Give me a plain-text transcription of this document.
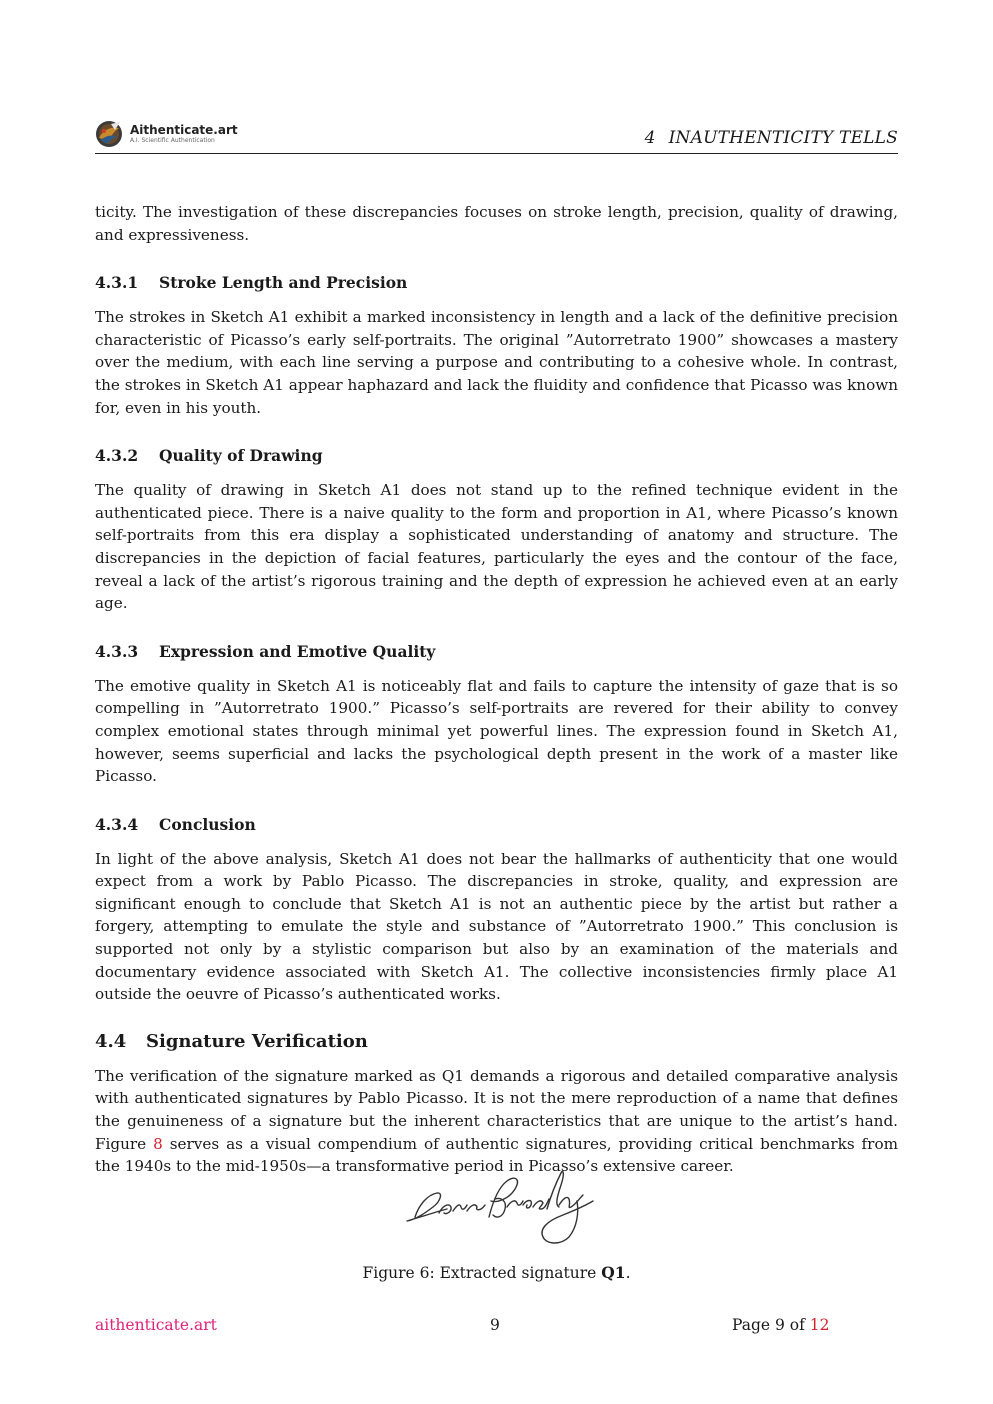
Aithenticate.art
A.I. Scientific Authentication	4 INAUTHENTICITY TELLS

ticity. The investigation of these discrepancies focuses on stroke length, precision, quality of drawing, and expressiveness.

4.3.1 Stroke Length and Precision

The strokes in Sketch A1 exhibit a marked inconsistency in length and a lack of the definitive precision characteristic of Picasso’s early self-portraits. The original ”Autorretrato 1900” showcases a mastery over the medium, with each line serving a purpose and contributing to a cohesive whole. In contrast, the strokes in Sketch A1 appear haphazard and lack the fluidity and confidence that Picasso was known for, even in his youth.

4.3.2 Quality of Drawing

The quality of drawing in Sketch A1 does not stand up to the refined technique evident in the authenticated piece. There is a naive quality to the form and proportion in A1, where Picasso’s known self-portraits from this era display a sophisticated understanding of anatomy and structure. The discrepancies in the depiction of facial features, particularly the eyes and the contour of the face, reveal a lack of the artist’s rigorous training and the depth of expression he achieved even at an early age.

4.3.3 Expression and Emotive Quality

The emotive quality in Sketch A1 is noticeably flat and fails to capture the intensity of gaze that is so compelling in ”Autorretrato 1900.” Picasso’s self-portraits are revered for their ability to convey complex emotional states through minimal yet powerful lines. The expression found in Sketch A1, however, seems superficial and lacks the psychological depth present in the work of a master like Picasso.

4.3.4 Conclusion

In light of the above analysis, Sketch A1 does not bear the hallmarks of authenticity that one would expect from a work by Pablo Picasso. The discrepancies in stroke, quality, and expression are significant enough to conclude that Sketch A1 is not an authentic piece by the artist but rather a forgery, attempting to emulate the style and substance of ”Autorretrato 1900.” This conclusion is supported not only by a stylistic comparison but also by an examination of the materials and documentary evidence associated with Sketch A1. The collective inconsistencies firmly place A1 outside the oeuvre of Picasso’s authenticated works.

4.4 Signature Verification

The verification of the signature marked as Q1 demands a rigorous and detailed comparative analysis with authenticated signatures by Pablo Picasso. It is not the mere reproduction of a name that defines the genuineness of a signature but the inherent characteristics that are unique to the artist’s hand. Figure 8 serves as a visual compendium of authentic signatures, providing critical benchmarks from the 1940s to the mid-1950s—a transformative period in Picasso’s extensive career.

Figure 6: Extracted signature Q1.
aithenticate.art	9	Page 9 of 12
